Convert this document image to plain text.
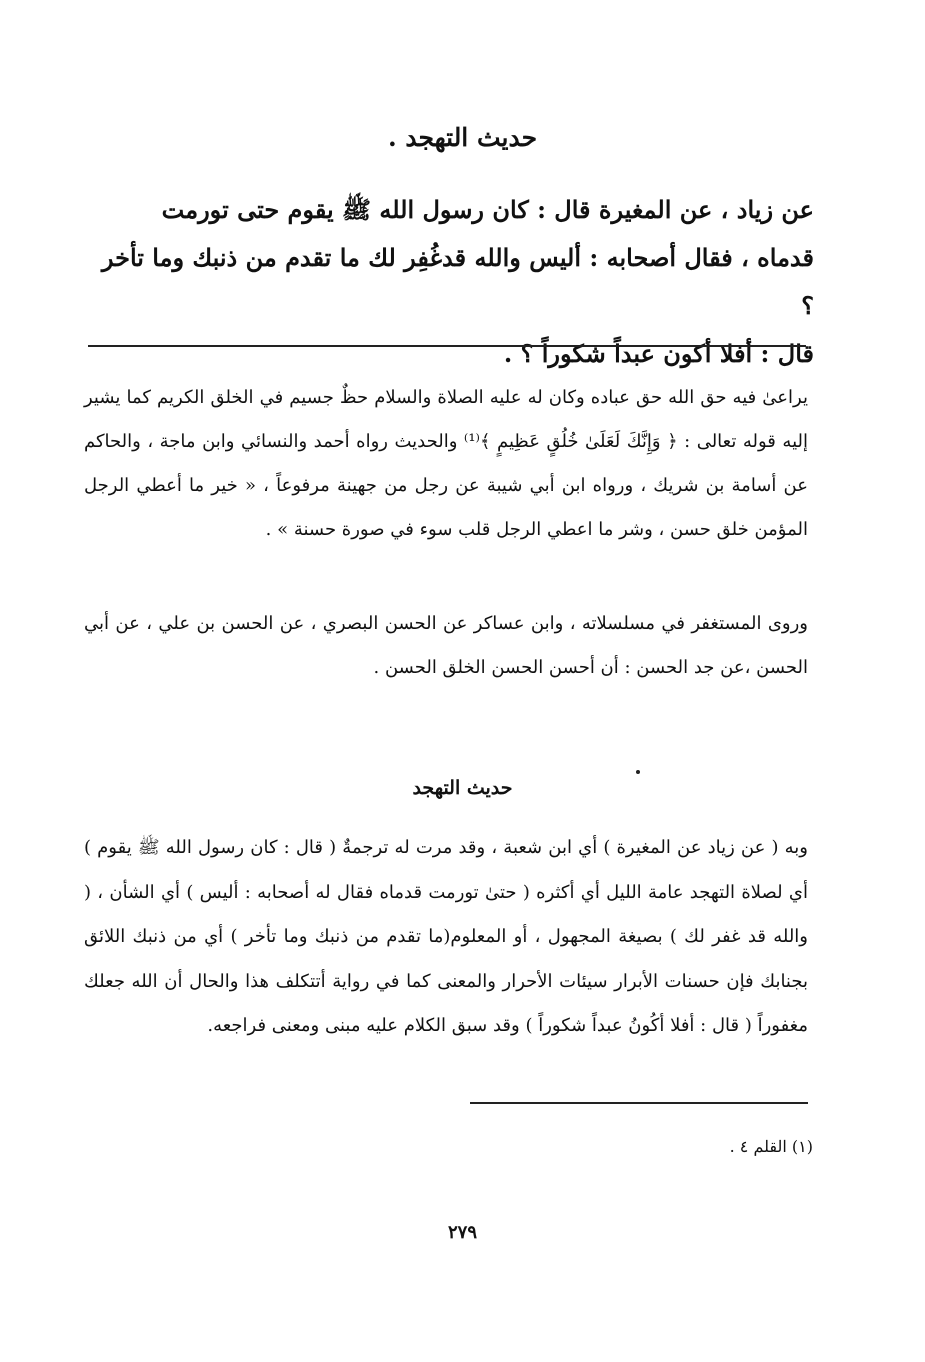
حديث التهجد .

عن زياد ، عن المغيرة قال : كان رسول الله ﷺ يقوم حتى تورمت

قدماه ، فقال أصحابه : أليس والله قدغُفِر لك ما تقدم من ذنبك وما تأخر ؟

قال : أفلا أكون عبداً شكوراً ؟ .

يراعىٰ فيه حق الله حق عباده وكان له عليه الصلاة والسلام حظٌ جسيم في الخلق الكريم كما يشير إليه قوله تعالى : ﴿ وَإِنَّكَ لَعَلَىٰ خُلُقٍ عَظِيمٍ ﴾⁽¹⁾ والحديث رواه أحمد والنسائي وابن ماجة ، والحاكم عن أسامة بن شريك ، ورواه ابن أبي شيبة عن رجل من جهينة مرفوعاً ، « خير ما أعطي الرجل المؤمن خلق حسن ، وشر ما اعطي الرجل قلب سوء في صورة حسنة » .

وروى المستغفر في مسلسلاته ، وابن عساكر عن الحسن البصري ، عن الحسن بن علي ، عن أبي الحسن ،عن جد الحسن : أن أحسن الحسن الخلق الحسن .

حديث التهجد

وبه ( عن زياد عن المغيرة ) أي ابن شعبة ، وقد مرت له ترجمةٌ ( قال : كان رسول الله ﷺ يقوم ) أي لصلاة التهجد عامة الليل أي أكثره ( حتىٰ تورمت قدماه فقال له أصحابه : أليس ) أي الشأن ، ( والله قد غفر لك ) بصيغة المجهول ، أو المعلوم(ما تقدم من ذنبك وما تأخر ) أي من ذنبك اللائق بجنابك فإن حسنات الأبرار سيئات الأحرار والمعنى كما في رواية أتتكلف هذا والحال أن الله جعلك مغفوراً ( قال : أفلا أكُونُ عبداً شكوراً ) وقد سبق الكلام عليه مبنى ومعنى فراجعه.

(١) القلم ٤ .
٢٧٩
